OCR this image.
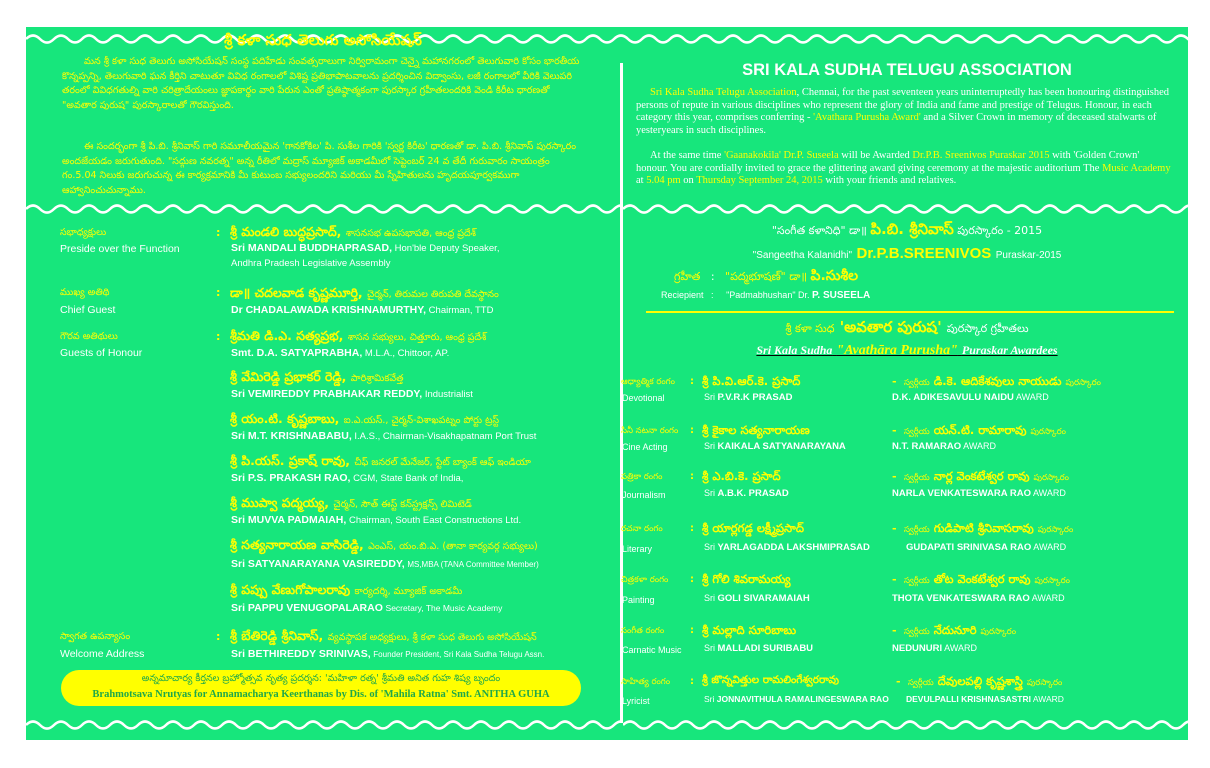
శ్రీ కళా సుధ తెలుగు అసోసియేషన్
మన శ్రీ కళా సుధ తెలుగు అసోసియేషన్ సంస్థ పదిహేడు సంవత్సరాలుగా నిర్విరామంగా చెన్నై మహానగరంలో తెలుగువారి కోసం భారతీయ కొన్నప్పన్ని, తెలుగువారి ఘన కీర్తిని చాటుతూ వివిధ రంగాలలో విశిష్ట ప్రతిభాపాటవాలను ప్రదర్శించిన విద్వాంసు, లజీ రంగాలలో వీరికి వెలుపరి తరంలో వివిధగతుల్ని వారి చరిత్రాదేయంలు జ్ఞాపకార్థం వారి పేరున ఎంతో ప్రతిష్ఠాత్మకంగా పురస్కార గ్రహీతలందరికి వెండి కిరీట ధారణతో "అవతార పురుష" పురస్కారాలతో గౌరవిస్తుంది.
ఈ సందర్భంగా శ్రీ పి.బి. శ్రీనివాస్ గారి సమూలీయమైన 'గానకోకిల' పి. సుశీల గారికి 'స్వర్ణ కిరీట' ధారణతో డా. పి.బి. శ్రీనివాస్ పురస్కారం అందజేయడం జరుగుతుంది. "సద్గుణ నవరత్న" అన్న రీతిలో మద్రాస్ మ్యూజిక్ అకాడమీలో సెప్టెంబర్ 24 వ తేదీ గురువారం సాయంత్రం గం.5.04 నిలుకు జరుగుచున్న ఈ కార్యక్రమానికి మీ కుటుంబ సభ్యులందరిని మరియు మీ స్నేహితులను హృదయపూర్వకముగా ఆహ్వానించుచున్నాము.
సభాధ్యక్షులు
Preside over the Function
: శ్రీ మండలి బుద్ధప్రసాద్, శాసనసభ ఉపసభాపతి, ఆంధ్ర ప్రదేశ్
Sri MANDALI BUDDHAPRASAD, Hon'ble Deputy Speaker,
Andhra Pradesh Legislative Assembly
ముఖ్య అతిథి
Chief Guest
: డా॥ చదలవాడ కృష్ణమూర్తి, చైర్మన్, తిరుమల తిరుపతి దేవస్థానం
Dr CHADALAWADA KRISHNAMURTHY, Chairman, TTD
గౌరవ అతిథులు
Guests of Honour
: శ్రీమతి డి.ఎ. సత్యప్రభ, శాసన సభ్యులు, చిత్తూరు, ఆంధ్ర ప్రదేశ్
Smt. D.A. SATYAPRABHA, M.L.A., Chittoor, AP.
శ్రీ వేమిరెడ్డి ప్రభాకర్ రెడ్డి, పారిశ్రామికవేత్త
Sri VEMIREDDY PRABHAKAR REDDY, Industrialist
శ్రీ యం.టి. కృష్ణబాబు, ఐ.ఎ.యస్., చైర్మన్-విశాఖపట్నం పోర్టు ట్రస్ట్
Sri M.T. KRISHNABABU, I.A.S., Chairman-Visakhapatnam Port Trust
శ్రీ పి.యస్. ప్రకాష్ రావు, చీఫ్ జనరల్ మేనేజర్, స్టేట్ బ్యాంక్ ఆఫ్ ఇండియా
Sri P.S. PRAKASH RAO, CGM, State Bank of India,
శ్రీ ముప్వా పద్మయ్య, చైర్మన్, సౌత్ ఈస్ట్ కన్‌స్ట్రక్షన్స్ లిమిటెడ్
Sri MUVVA PADMAIAH, Chairman, South East Constructions Ltd.
శ్రీ సత్యనారాయణ వాసిరెడ్డి, ఎంఎస్, యం.బి.ఎ. (తానా కార్యవర్గ సభ్యులు)
Sri SATYANARAYANA VASIREDDY, MS,MBA (TANA Committee Member)
శ్రీ పప్పు వేణుగోపాలరావు కార్యదర్శి, మ్యూజిక్ అకాడమీ
Sri PAPPU VENUGOPALARAO Secretary, The Music Academy
స్వాగత ఉపన్యాసం
Welcome Address
: శ్రీ బేతిరెడ్డి శ్రీనివాస్, వ్యవస్థాపక అధ్యక్షులు, శ్రీ కళా సుధ తెలుగు అసోసియేషన్
Sri BETHIREDDY SRINIVAS, Founder President, Sri Kala Sudha Telugu Assn.
అన్నమాచార్య కీర్తనల బ్రహ్మోత్సవ నృత్య ప్రదర్శన: 'మహిళా రత్న' శ్రీమతి అనిత గుహ శిష్య బృందం
Brahmotsava Nrutyas for Annamacharya Keerthanas by Dis. of 'Mahila Ratna' Smt. ANITHA GUHA
SRI KALA SUDHA TELUGU ASSOCIATION
Sri Kala Sudha Telugu Association, Chennai, for the past seventeen years uninterruptedly has been honouring distinguished persons of repute in various disciplines who represent the glory of India and fame and prestige of Telugus. Honour, in each category this year, comprises conferring - 'Avathara Purusha Award' and a Silver Crown in memory of deceased stalwarts of yesteryears in such disciplines.
At the same time 'Gaanakokila' Dr.P. Suseela will be Awarded Dr.P.B. Sreenivos Puraskar 2015 with 'Golden Crown' honour. You are cordially invited to grace the glittering award giving ceremony at the majestic auditorium The Music Academy at 5.04 pm on Thursday September 24, 2015 with your friends and relatives.
"సంగీత కళానిధి" డా॥ పి.బి. శ్రీనివాస్ పురస్కారం - 2015
"Sangeetha Kalanidhi" Dr.P.B.SREENIVOS Puraskar-2015
గ్రహీత   :   "పద్మభూషణ్" డా॥ పి.సుశీల
Reciepient   :     "Padmabhushan" Dr. P. SUSEELA
శ్రీ కళా సుధ 'అవతార పురుష' పురస్కార గ్రహీతలు
Sri Kala Sudha "Avathāra Purusha" Puraskar Awardees
ఆధ్యాత్మిక రంగం
Devotional
: శ్రీ పి.వి.ఆర్.కె. ప్రసాద్
Sri P.V.R.K PRASAD
- స్వర్గీయ డి.కె. ఆదికేశవులు నాయుడు పురస్కారం
D.K. ADIKESAVULU NAIDU AWARD
సినీ నటనా రంగం
Cine Acting
: శ్రీ కైకాల సత్యనారాయణ
Sri KAIKALA SATYANARAYANA
- స్వర్గీయ యన్.టి. రామారావు పురస్కారం
N.T. RAMARAO AWARD
పత్రికా రంగం
Journalism
: శ్రీ ఎ.బి.కె. ప్రసాద్
Sri A.B.K. PRASAD
- స్వర్గీయ నార్ల వెంకటేశ్వర రావు పురస్కారం
NARLA VENKATESWARA RAO AWARD
రచనా రంగం
Literary
: శ్రీ యార్లగడ్డ లక్ష్మీప్రసాద్
Sri YARLAGADDA LAKSHMIPRASAD
- స్వర్గీయ గుడిపాటి శ్రీనివాసరావు పురస్కారం
GUDAPATI SRINIVASA RAO AWARD
చిత్రకళా రంగం
Painting
: శ్రీ గోలి శివరామయ్య
Sri GOLI SIVARAMAIAH
- స్వర్గీయ తోట వెంకటేశ్వర రావు పురస్కారం
THOTA VENKATESWARA RAO AWARD
సంగీత రంగం
Carnatic Music
: శ్రీ మల్లాది సూరిబాబు
Sri MALLADI SURIBABU
- స్వర్గీయ నేదునూరి పురస్కారం
NEDUNURI AWARD
సాహిత్య రంగం
Lyricist
: శ్రీ జొన్నవిత్తుల రామలింగేశ్వరరావు
Sri JONNAVITHULA RAMALINGESWARA RAO
- స్వర్గీయ దేవులపల్లి కృష్ణశాస్త్రి పురస్కారం
DEVULPALLI KRISHNASASTRI AWARD
